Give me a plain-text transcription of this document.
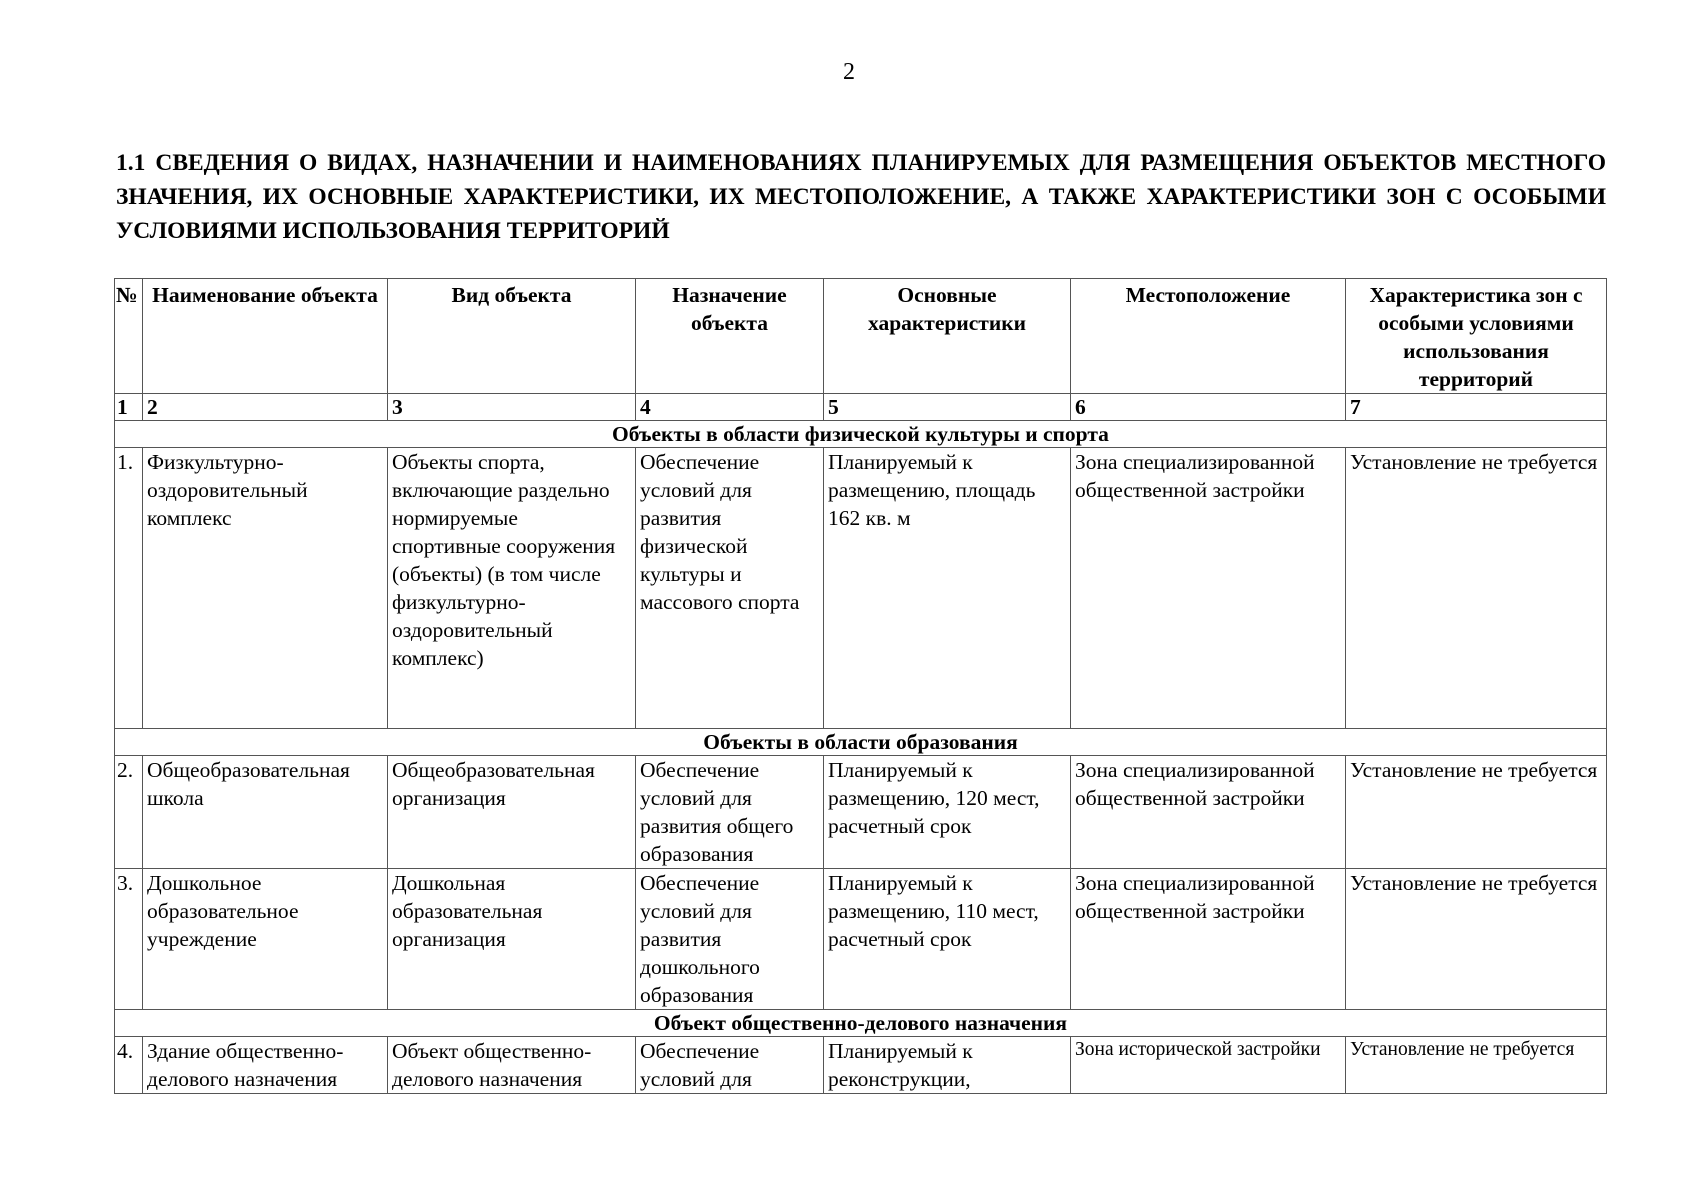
2
1.1 СВЕДЕНИЯ О ВИДАХ, НАЗНАЧЕНИИ И НАИМЕНОВАНИЯХ ПЛАНИРУЕМЫХ ДЛЯ РАЗМЕЩЕНИЯ ОБЪЕКТОВ МЕСТНОГО ЗНАЧЕНИЯ, ИХ ОСНОВНЫЕ ХАРАКТЕРИСТИКИ, ИХ МЕСТОПОЛОЖЕНИЕ, А ТАКЖЕ ХАРАКТЕРИСТИКИ ЗОН С ОСОБЫМИ УСЛОВИЯМИ ИСПОЛЬЗОВАНИЯ ТЕРРИТОРИЙ
№	Наименование объекта	Вид объекта	Назначение объекта	Основные характеристики	Местоположение	Характеристика зон с особыми условиями использования территорий
1	2	3	4	5	6	7
Объекты в области физической культуры и спорта						
1.	Физкультурно-оздоровительный комплекс	Объекты спорта, включающие раздельно нормируемые спортивные сооружения (объекты) (в том числе физкультурно-оздоровительный комплекс)	Обеспечение условий для развития физической культуры и массового спорта	Планируемый к размещению, площадь 162 кв. м	Зона специализированной общественной застройки	Установление не требуется
Объекты в области образования						
2.	Общеобразовательная школа	Общеобразовательная организация	Обеспечение условий для развития общего образования	Планируемый к размещению, 120 мест, расчетный срок	Зона специализированной общественной застройки	Установление не требуется
3.	Дошкольное образовательное учреждение	Дошкольная образовательная организация	Обеспечение условий для развития дошкольного образования	Планируемый к размещению, 110 мест, расчетный срок	Зона специализированной общественной застройки	Установление не требуется
Объект общественно-делового назначения						
4.	Здание общественно-делового назначения	Объект общественно-делового назначения	Обеспечение условий для	Планируемый к реконструкции,	Зона исторической застройки	Установление не требуется
